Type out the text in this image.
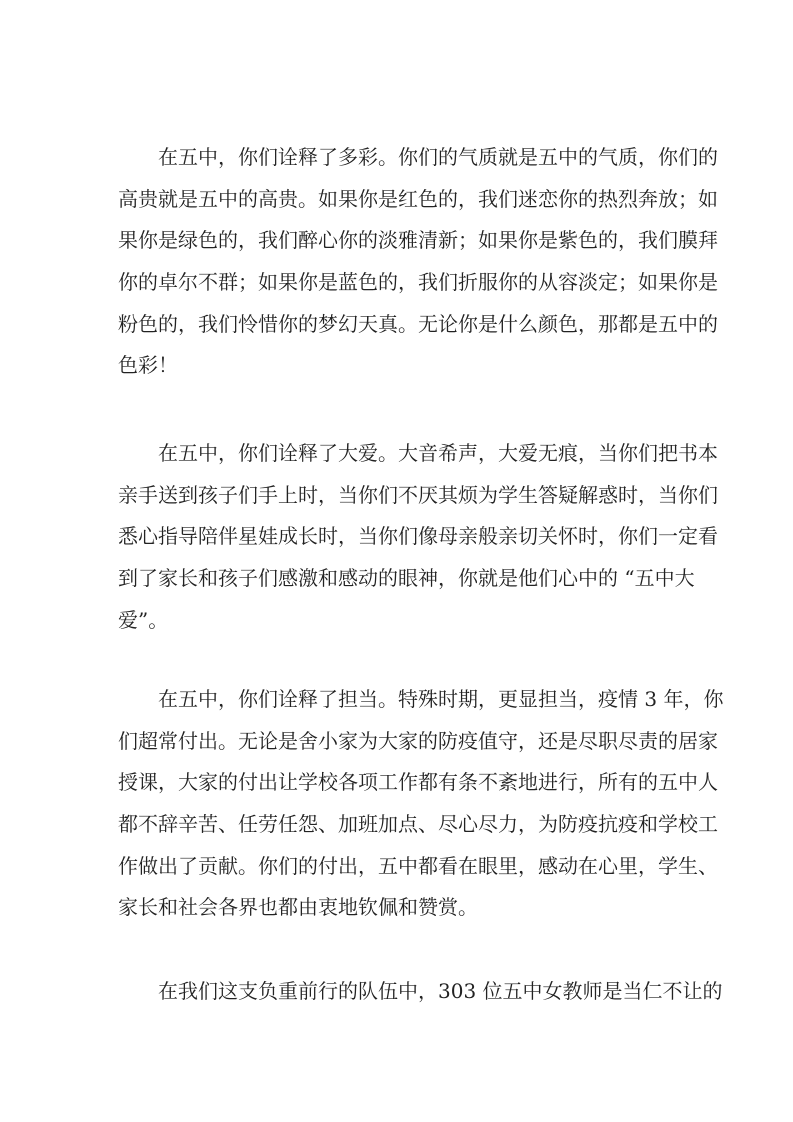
在五中，你们诠释了多彩。你们的气质就是五中的气质，你们的
高贵就是五中的高贵。如果你是红色的，我们迷恋你的热烈奔放；如
果你是绿色的，我们醉心你的淡雅清新；如果你是紫色的，我们膜拜
你的卓尔不群；如果你是蓝色的，我们折服你的从容淡定；如果你是
粉色的，我们怜惜你的梦幻天真。无论你是什么颜色，那都是五中的
色彩！
在五中，你们诠释了大爱。大音希声，大爱无痕，当你们把书本
亲手送到孩子们手上时，当你们不厌其烦为学生答疑解惑时，当你们
悉心指导陪伴星娃成长时，当你们像母亲般亲切关怀时，你们一定看
到了家长和孩子们感激和感动的眼神，你就是他们心中的 “五中大
爱”。
在五中，你们诠释了担当。特殊时期，更显担当，疫情 3 年，你
们超常付出。无论是舍小家为大家的防疫值守，还是尽职尽责的居家
授课，大家的付出让学校各项工作都有条不紊地进行，所有的五中人
都不辞辛苦、任劳任怨、加班加点、尽心尽力，为防疫抗疫和学校工
作做出了贡献。你们的付出，五中都看在眼里，感动在心里，学生、
家长和社会各界也都由衷地钦佩和赞赏。
在我们这支负重前行的队伍中，303 位五中女教师是当仁不让的
